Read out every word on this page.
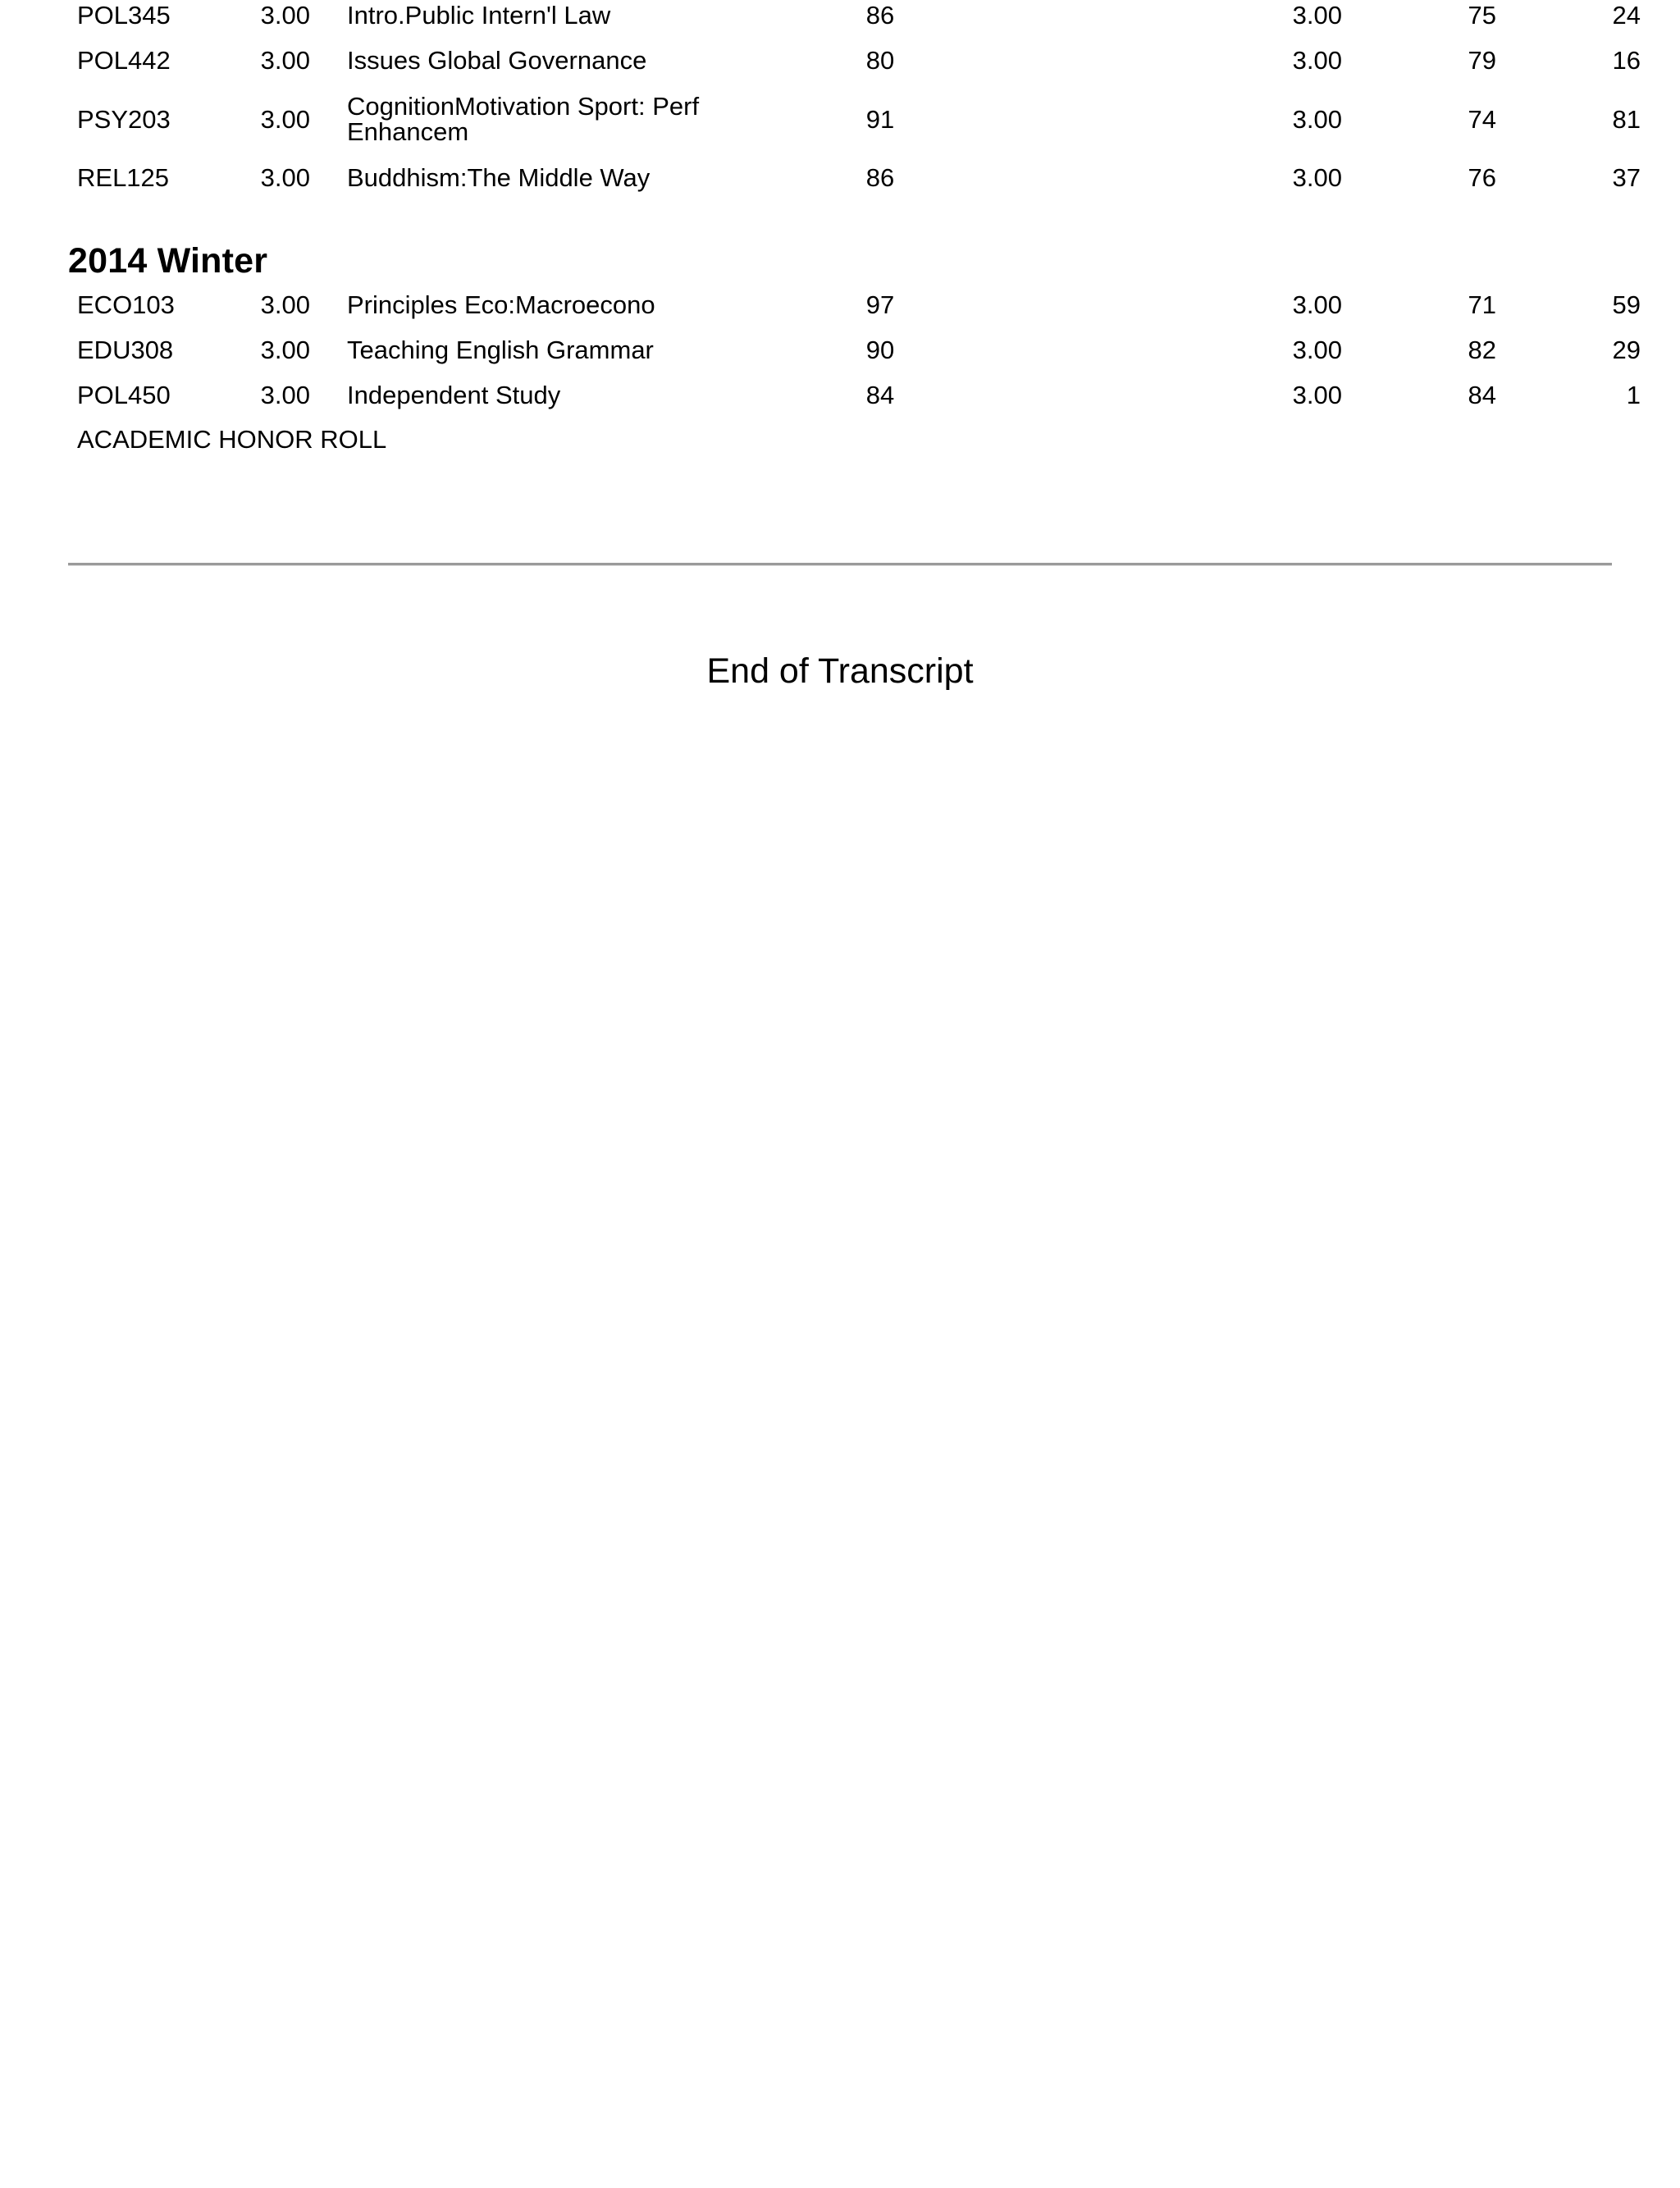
POL345	3.00		Intro.Public Intern'l Law	86	3.00	75	24
POL442	3.00		Issues Global Governance	80	3.00	79	16
PSY203	3.00		CognitionMotivation Sport: Perf Enhancem	91	3.00	74	81
REL125	3.00		Buddhism:The Middle Way	86	3.00	76	37
2014 Winter
ECO103	3.00		Principles Eco:Macroecono	97	3.00	71	59
EDU308	3.00		Teaching English Grammar	90	3.00	82	29
POL450	3.00		Independent Study	84	3.00	84	1
ACADEMIC HONOR ROLL
End of Transcript
